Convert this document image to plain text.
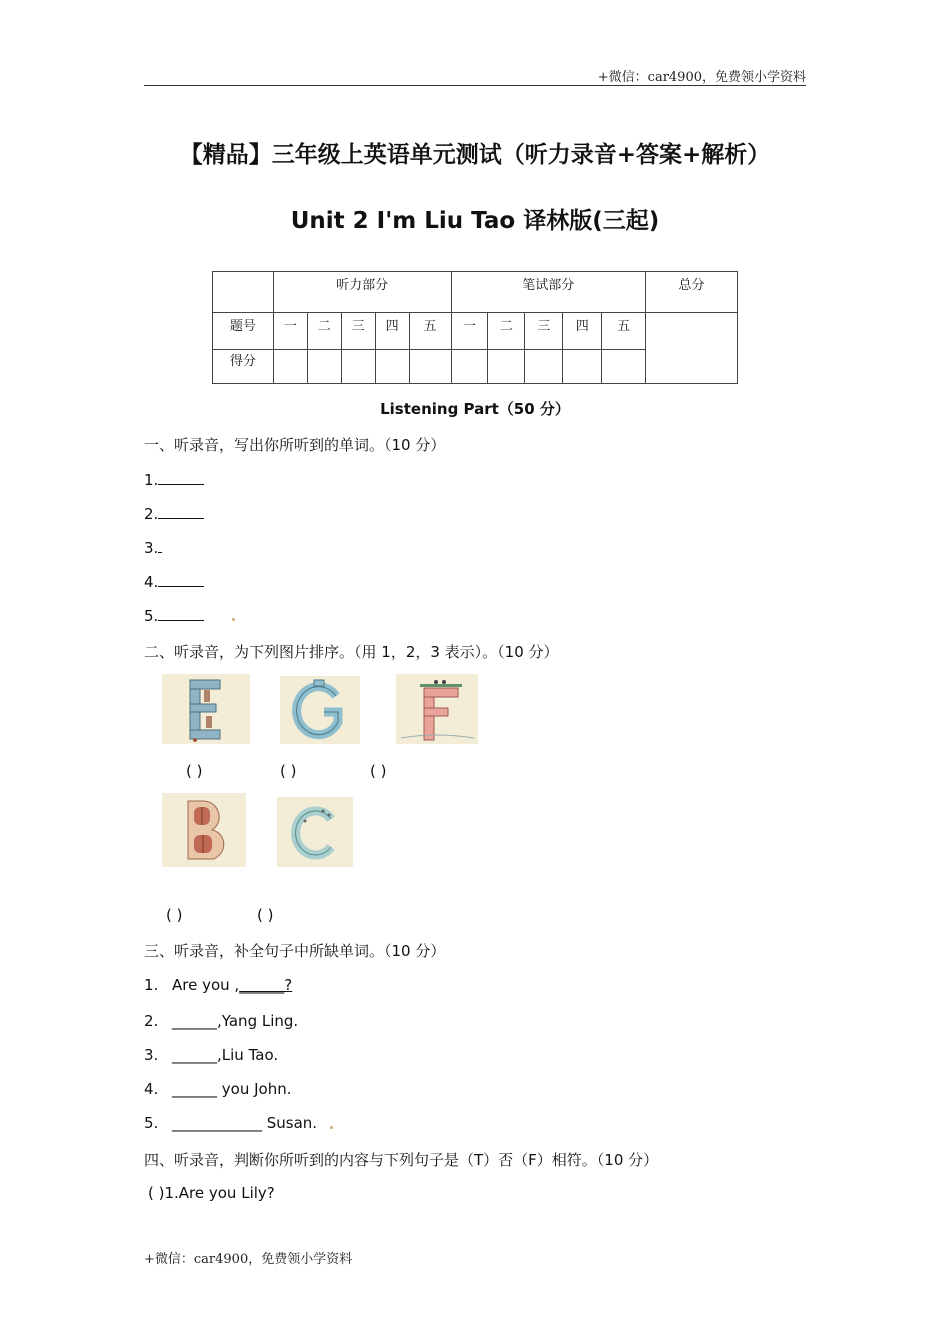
+微信：car4900，免费领小学资料
【精品】三年级上英语单元测试（听力录音+答案+解析）
Unit 2 I'm Liu Tao 译林版(三起)
	听力部分					笔试部分					总分
题号	一	二	三	四	五	一	二	三	四	五	
得分											
Listening Part（50 分）
一、听录音，写出你所听到的单词。（10 分）
1.
2.
3.
4.
5.
二、听录音，为下列图片排序。（用 1，2，3 表示）。（10 分）
( )	( )	( )
( )	( )
三、听录音，补全句子中所缺单词。（10 分）
1. Are you ,______?
2. ______,Yang Ling.
3. ______,Liu Tao.
4. ______ you John.
5. ____________ Susan.
四、听录音，判断你所听到的内容与下列句子是（T）否（F）相符。（10 分）
( )1.Are you Lily?
+微信：car4900，免费领小学资料
